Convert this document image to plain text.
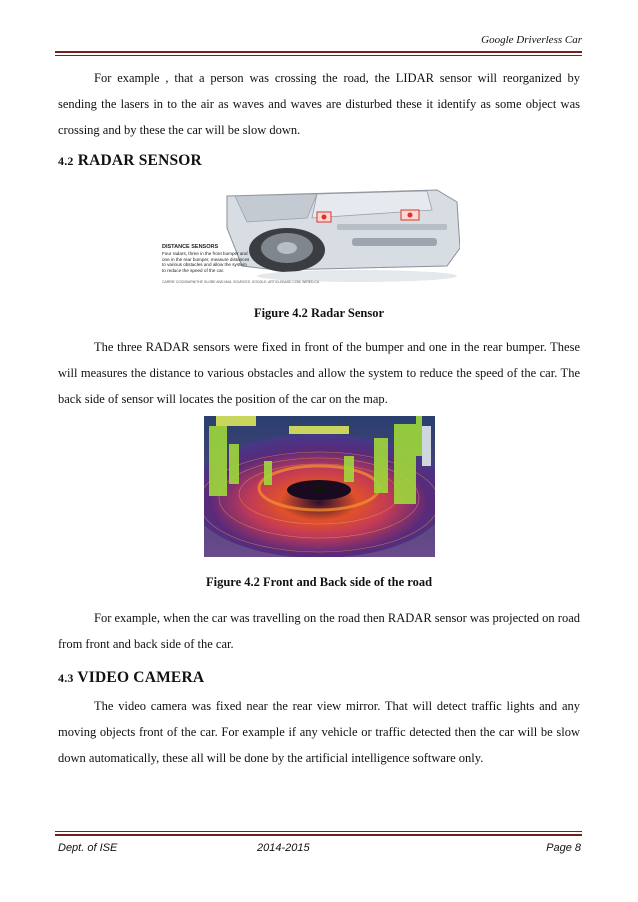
Google Driverless Car
For example , that a person was crossing the road, the LIDAR sensor will reorganized by sending the lasers in to the air as waves and waves are disturbed these it identify as some object was crossing and by these the car will be slow down.
4.2 RADAR SENSOR
DISTANCE SENSORS
Four radars, three in the front bumper and
one in the rear bumper, measure distances
to various obstacles and allow the system
to reduce the speed of the car.
CARRIE COCKBURN/THE GLOBE AND MAIL SOURCES: GOOGLE; ARTICLEBASE.COM; WIRED.CA
Figure 4.2 Radar Sensor
The three RADAR sensors were fixed in front of the bumper and one in the rear bumper. These will measures the distance to various obstacles and allow the system to reduce the speed of the car. The back side of sensor will locates the position of the car on the map.
Figure 4.2 Front and Back side of the road
For example, when the car was travelling on the road then RADAR sensor was projected on road from front and back side of the car.
4.3 VIDEO CAMERA
The video camera was fixed near the rear view mirror. That will detect traffic lights and any moving objects front of the car. For example if any vehicle or traffic detected then the car will be slow down automatically, these all will be done by the artificial intelligence software only.
Dept. of ISE	2014-2015	Page 8
